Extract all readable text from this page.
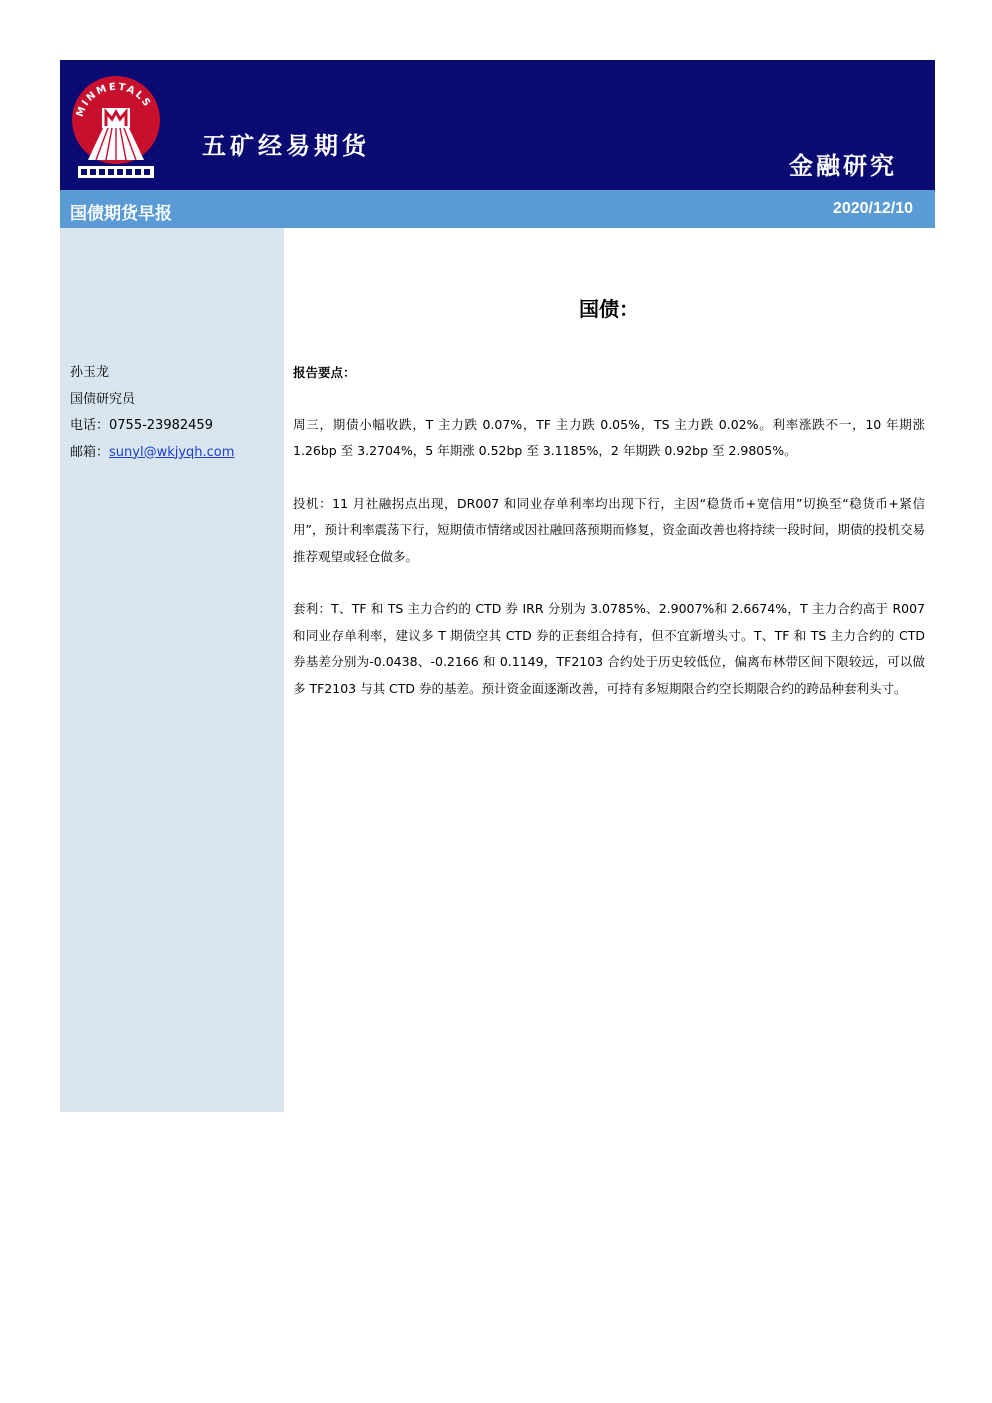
MINMETALS
五矿经易期货
金融研究
国债期货早报	2020/12/10
孙玉龙
国债研究员
电话：0755-23982459
邮箱：sunyl@wkjyqh.com
国债：

报告要点：

周三，期债小幅收跌，T 主力跌 0.07%，TF 主力跌 0.05%，TS 主力跌 0.02%。利率涨跌不一，10 年期涨 1.26bp 至 3.2704%，5 年期涨 0.52bp 至 3.1185%，2 年期跌 0.92bp 至 2.9805%。

投机：11 月社融拐点出现，DR007 和同业存单利率均出现下行，主因“稳货币+宽信用”切换至“稳货币+紧信用”，预计利率震荡下行，短期债市情绪或因社融回落预期而修复，资金面改善也将持续一段时间，期债的投机交易推荐观望或轻仓做多。

套利：T、TF 和 TS 主力合约的 CTD 券 IRR 分别为 3.0785%、2.9007%和 2.6674%，T 主力合约高于 R007 和同业存单利率，建议多 T 期债空其 CTD 券的正套组合持有，但不宜新增头寸。T、TF 和 TS 主力合约的 CTD 券基差分别为-0.0438、-0.2166 和 0.1149，TF2103 合约处于历史较低位，偏离布林带区间下限较远，可以做多 TF2103 与其 CTD 券的基差。预计资金面逐渐改善，可持有多短期限合约空长期限合约的跨品种套利头寸。
